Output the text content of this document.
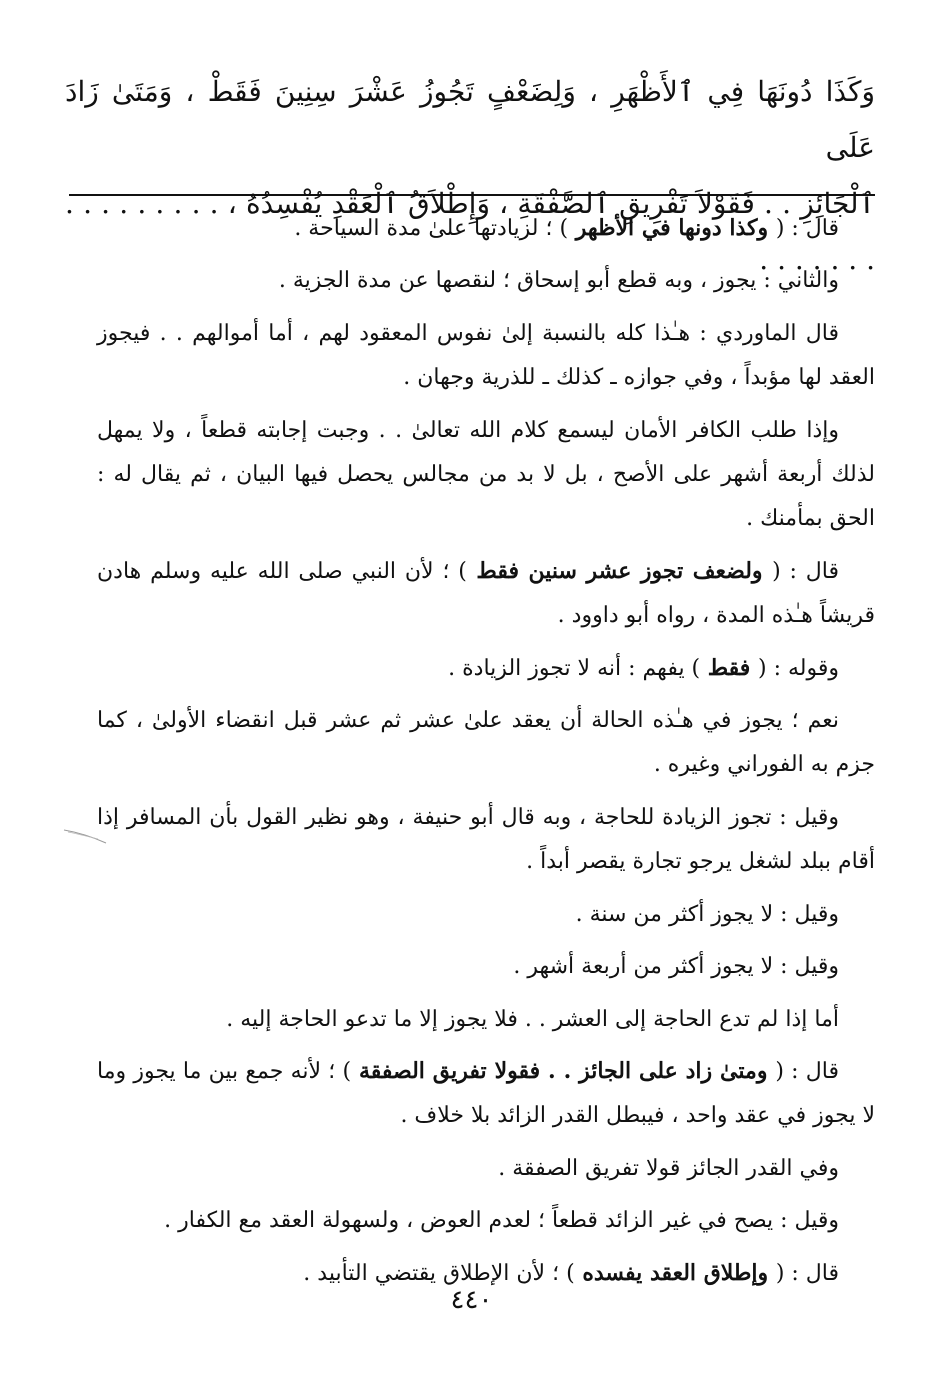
وَكَذَا دُونَهَا فِي ٱلأَظْهَرِ ، وَلِضَعْفٍ تَجُوزُ عَشْرَ سِنِينَ فَقَطْ ، وَمَتَىٰ زَادَ عَلَى

ٱلْجَائِزِ . . فَقَوْلاَ تَفْرِيقِ ٱلصَّفْقَةِ ، وَإِطْلاَقُ ٱلْعَقْدِ يُفْسِدُهُ ، . . . . . . . . . . . . . . . .

قال : ( وكذا دونها في الأظهر ) ؛ لزيادتها علىٰ مدة السياحة .

والثاني : يجوز ، وبه قطع أبو إسحاق ؛ لنقصها عن مدة الجزية .

قال الماوردي : هـٰذا كله بالنسبة إلىٰ نفوس المعقود لهم ، أما أموالهم . . فيجوز العقد لها مؤبداً ، وفي جوازه ـ كذلك ـ للذرية وجهان .

وإذا طلب الكافر الأمان ليسمع كلام الله تعالىٰ . . وجبت إجابته قطعاً ، ولا يمهل لذلك أربعة أشهر على الأصح ، بل لا بد من مجالس يحصل فيها البيان ، ثم يقال له : الحق بمأمنك .

قال : ( ولضعف تجوز عشر سنين فقط ) ؛ لأن النبي صلى الله عليه وسلم هادن قريشاً هـٰذه المدة ، رواه أبو داوود .

وقوله : ( فقط ) يفهم : أنه لا تجوز الزيادة .

نعم ؛ يجوز في هـٰذه الحالة أن يعقد علىٰ عشر ثم عشر قبل انقضاء الأولىٰ ، كما جزم به الفوراني وغيره .

وقيل : تجوز الزيادة للحاجة ، وبه قال أبو حنيفة ، وهو نظير القول بأن المسافر إذا أقام ببلد لشغل يرجو تجارة يقصر أبداً .

وقيل : لا يجوز أكثر من سنة .

وقيل : لا يجوز أكثر من أربعة أشهر .

أما إذا لم تدع الحاجة إلى العشر . . فلا يجوز إلا ما تدعو الحاجة إليه .

قال : ( ومتىٰ زاد على الجائز . . فقولا تفريق الصفقة ) ؛ لأنه جمع بين ما يجوز وما لا يجوز في عقد واحد ، فيبطل القدر الزائد بلا خلاف .

وفي القدر الجائز قولا تفريق الصفقة .

وقيل : يصح في غير الزائد قطعاً ؛ لعدم العوض ، ولسهولة العقد مع الكفار .

قال : ( وإطلاق العقد يفسده ) ؛ لأن الإطلاق يقتضي التأبيد .

٤٤٠
